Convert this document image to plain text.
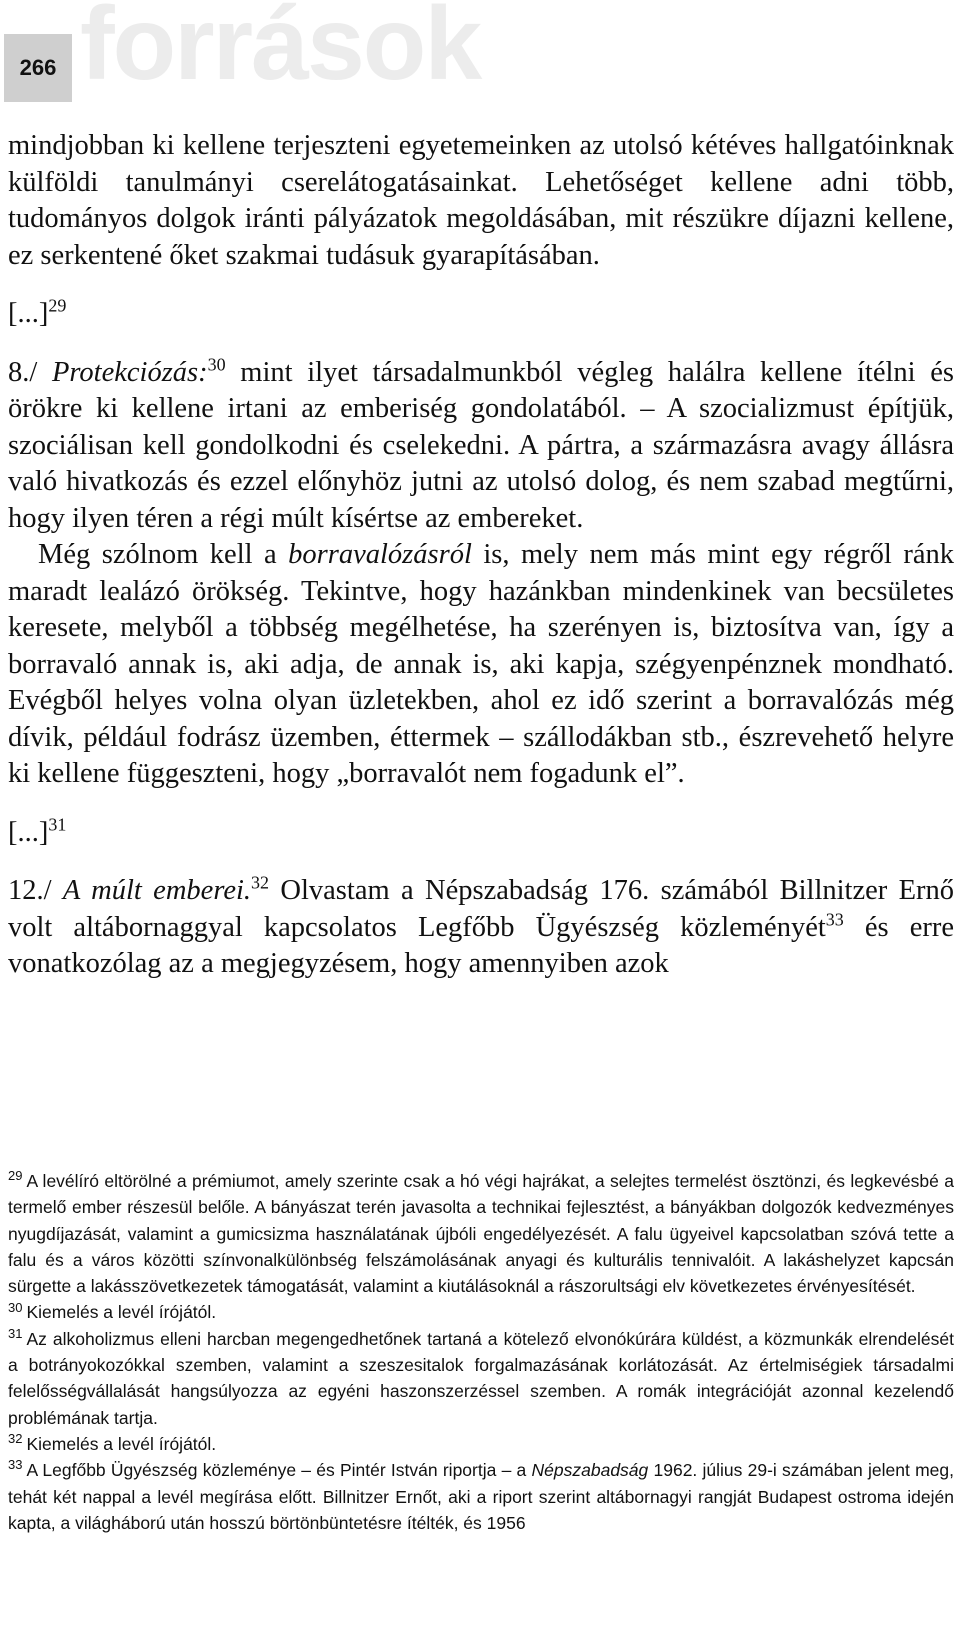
források
266

mindjobban ki kellene terjeszteni egyetemeinken az utolsó kétéves hallgatóinknak külföldi tanulmányi cserelátogatásainkat. Lehetőséget kellene adni több, tudományos dolgok iránti pályázatok megoldásában, mit részükre díjazni kellene, ez serkentené őket szakmai tudásuk gyarapításában.

[...]$^{29}$

8./ Protekciózás:$^{30}$ mint ilyet társadalmunkból végleg halálra kellene ítélni és örökre ki kellene irtani az emberiség gondolatából. – A szocializmust építjük, szociálisan kell gondolkodni és cselekedni. A pártra, a származásra avagy állásra való hivatkozás és ezzel előnyhöz jutni az utolsó dolog, és nem szabad megtűrni, hogy ilyen téren a régi múlt kísértse az embereket.

Még szólnom kell a borravalózásról is, mely nem más mint egy régről ránk maradt lealázó örökség. Tekintve, hogy hazánkban mindenkinek van becsületes keresete, melyből a többség megélhetése, ha szerényen is, biztosítva van, így a borravaló annak is, aki adja, de annak is, aki kapja, szégyenpénznek mondható. Evégből helyes volna olyan üzletekben, ahol ez idő szerint a borravalózás még dívik, például fodrász üzemben, éttermek – szállodákban stb., észrevehető helyre ki kellene függeszteni, hogy „borravalót nem fogadunk el”.

[...]$^{31}$

12./ A múlt emberei.$^{32}$ Olvastam a Népszabadság 176. számából Billnitzer Ernő volt altábornaggyal kapcsolatos Legfőbb Ügyészség közleményét$^{33}$ és erre vonatkozólag az a megjegyzésem, hogy amennyiben azok

$^{29}$ A levélíró eltörölné a prémiumot, amely szerinte csak a hó végi hajrákat, a selejtes termelést ösztönzi, és legkevésbé a termelő ember részesül belőle. A bányászat terén javasolta a technikai fejlesztést, a bányákban dolgozók kedvezményes nyugdíjazását, valamint a gumicsizma használatának újbóli engedélyezését. A falu ügyeivel kapcsolatban szóvá tette a falu és a város közötti színvonalkülönbség felszámolásának anyagi és kulturális tennivalóit. A lakáshelyzet kapcsán sürgette a lakásszövetkezetek támogatását, valamint a kiutálásoknál a rászorultsági elv következetes érvényesítését.

$^{30}$ Kiemelés a levél írójától.

$^{31}$ Az alkoholizmus elleni harcban megengedhetőnek tartaná a kötelező elvonókúrára küldést, a közmunkák elrendelését a botrányokozókkal szemben, valamint a szeszesitalok forgalmazásának korlátozását. Az értelmiségiek társadalmi felelősségvállalását hangsúlyozza az egyéni haszonszerzéssel szemben. A romák integrációját azonnal kezelendő problémának tartja.

$^{32}$ Kiemelés a levél írójától.

$^{33}$ A Legfőbb Ügyészség közleménye – és Pintér István riportja – a Népszabadság 1962. július 29-i számában jelent meg, tehát két nappal a levél megírása előtt. Billnitzer Ernőt, aki a riport szerint altábornagyi rangját Budapest ostroma idején kapta, a világháború után hosszú börtönbüntetésre ítélték, és 1956
